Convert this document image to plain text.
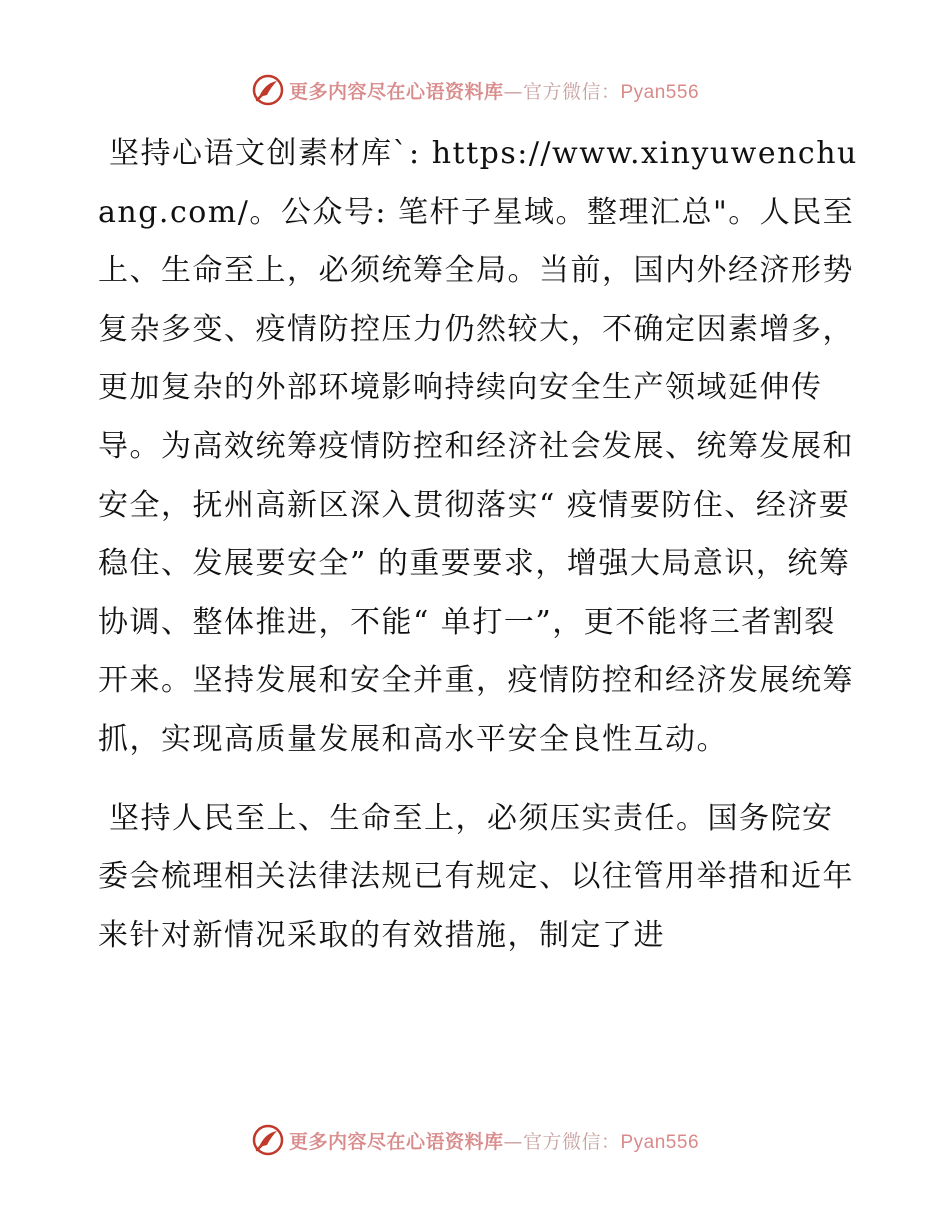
更多内容尽在心语资料库—官方微信：Pyan556

坚持心语文创素材库`: https://www.xinyuwenchuang.com/。公众号: 笔杆子星域。整理汇总"。人民至上、生命至上，必须统筹全局。当前，国内外经济形势复杂多变、疫情防控压力仍然较大，不确定因素增多，更加复杂的外部环境影响持续向安全生产领域延伸传导。为高效统筹疫情防控和经济社会发展、统筹发展和安全，抚州高新区深入贯彻落实“ 疫情要防住、经济要稳住、发展要安全” 的重要要求，增强大局意识，统筹协调、整体推进，不能“ 单打一”，更不能将三者割裂开来。坚持发展和安全并重，疫情防控和经济发展统筹抓，实现高质量发展和高水平安全良性互动。

坚持人民至上、生命至上，必须压实责任。国务院安委会梳理相关法律法规已有规定、以往管用举措和近年来针对新情况采取的有效措施，制定了进

更多内容尽在心语资料库—官方微信：Pyan556
